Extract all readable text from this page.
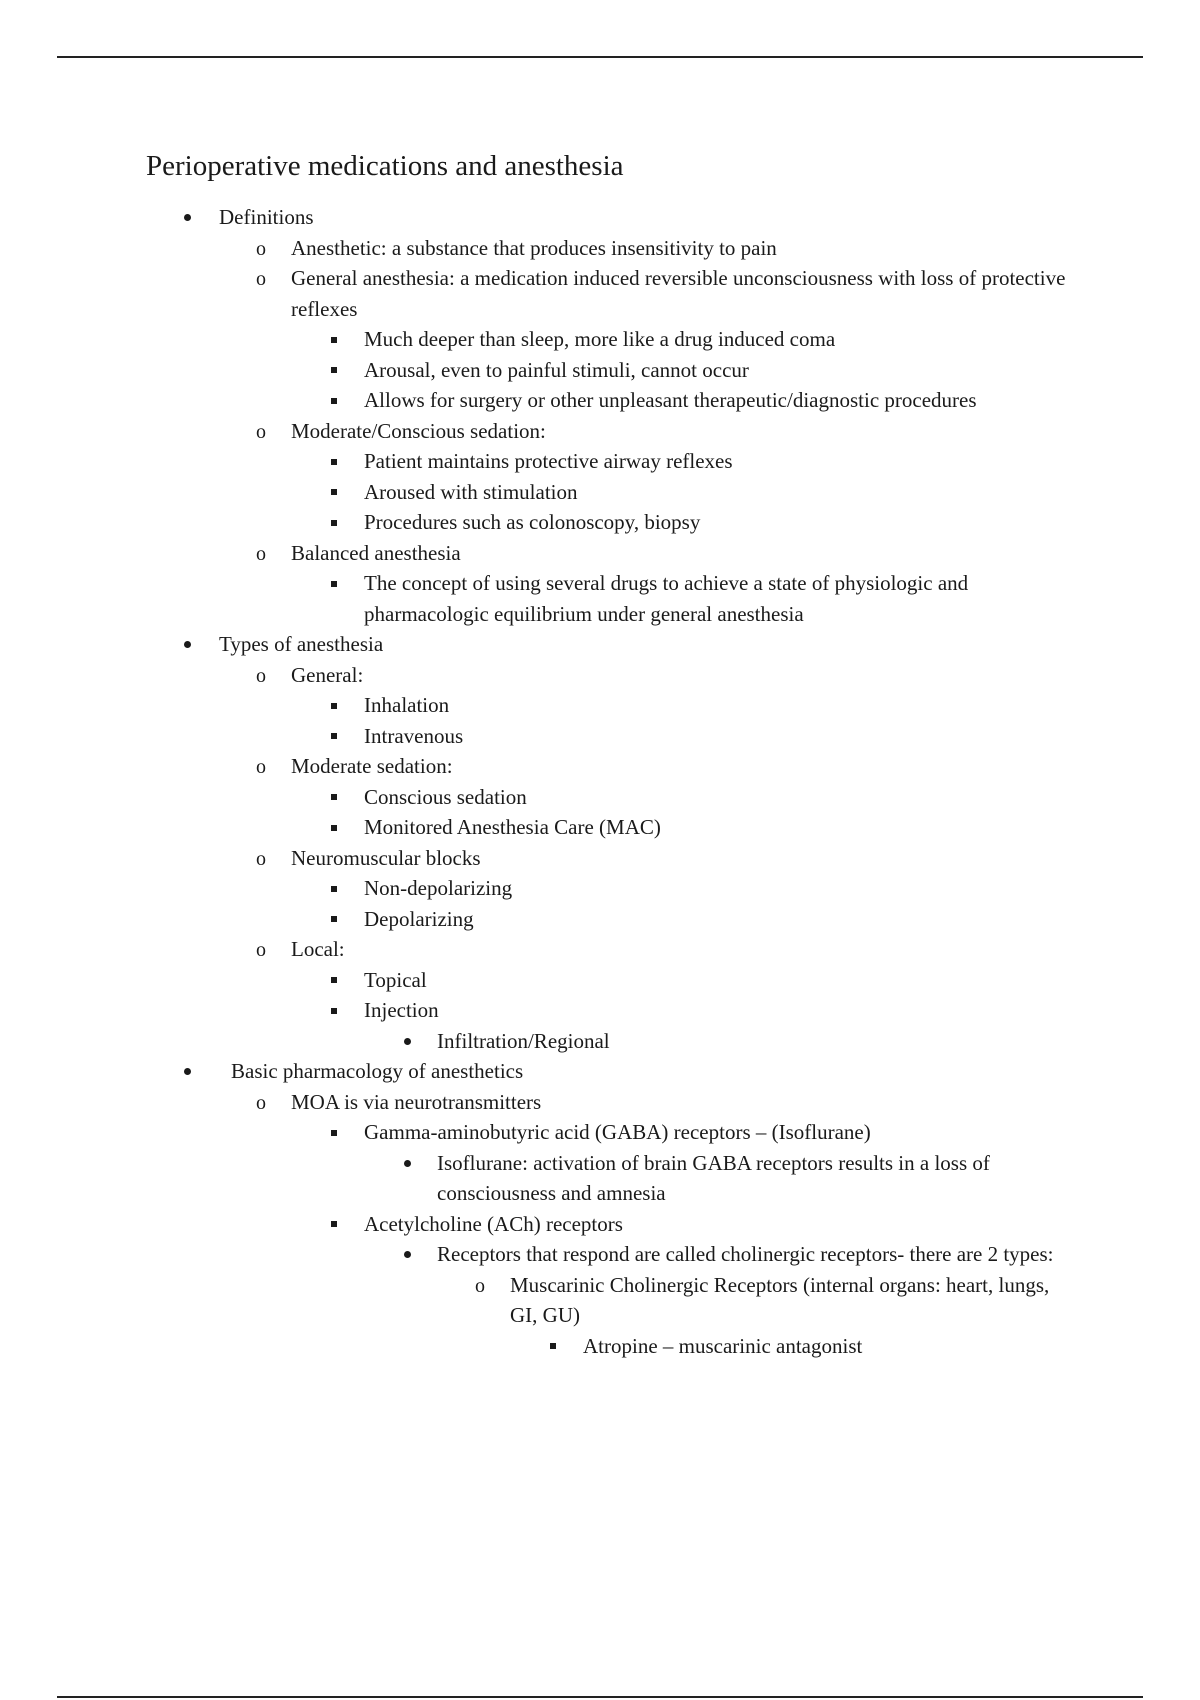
Perioperative medications and anesthesia
Definitions
o
Anesthetic: a substance that produces insensitivity to pain
o
General anesthesia: a medication induced reversible unconsciousness with loss of protective reflexes
Much deeper than sleep, more like a drug induced coma
Arousal, even to painful stimuli, cannot occur
Allows for surgery or other unpleasant therapeutic/diagnostic procedures
o
Moderate/Conscious sedation:
Patient maintains protective airway reflexes
Aroused with stimulation
Procedures such as colonoscopy, biopsy
o
Balanced anesthesia
The concept of using several drugs to achieve a state of physiologic and pharmacologic equilibrium under general anesthesia
Types of anesthesia
o
General:
Inhalation
Intravenous
o
Moderate sedation:
Conscious sedation
Monitored Anesthesia Care (MAC)
o
Neuromuscular blocks
Non-depolarizing
Depolarizing
o
Local:
Topical
Injection
Infiltration/Regional
Basic pharmacology of anesthetics
o
MOA is via neurotransmitters
Gamma-aminobutyric acid (GABA) receptors – (Isoflurane)
Isoflurane: activation of brain GABA receptors results in a loss of consciousness and amnesia
Acetylcholine (ACh) receptors
Receptors that respond are called cholinergic receptors- there are 2 types:
o
Muscarinic Cholinergic Receptors (internal organs: heart, lungs, GI, GU)
Atropine – muscarinic antagonist
